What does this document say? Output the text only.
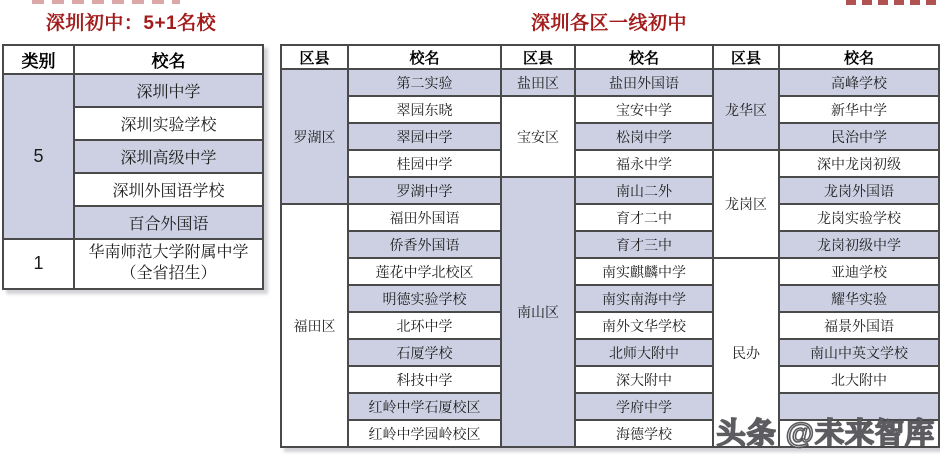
深圳初中：5+1名校	深圳各区一线初中
类别	校名
5	深圳中学
	深圳实验学校
	深圳高级中学
	深圳外国语学校
	百合外国语
1	华南师范大学附属中学（全省招生）
区县	校名	区县	校名	区县	校名
罗湖区	第二实验	盐田区	盐田外国语	龙华区	高峰学校
	翠园东晓	宝安区	宝安中学		新华中学
	翠园中学		松岗中学		民治中学
	桂园中学		福永中学	龙岗区	深中龙岗初级
	罗湖中学	南山区	南山二外		龙岗外国语
福田区	福田外国语		育才二中		龙岗实验学校
	侨香外国语		育才三中		龙岗初级中学
	莲花中学北校区		南实麒麟中学	民办	亚迪学校
	明德实验学校		南实南海中学		耀华实验
	北环中学		南外文华学校		福景外国语
	石厦学校		北师大附中		南山中英文学校
	科技中学		深大附中		北大附中
	红岭中学石厦校区		学府中学		
	红岭中学园岭校区		海德学校		头条 @未来智库
